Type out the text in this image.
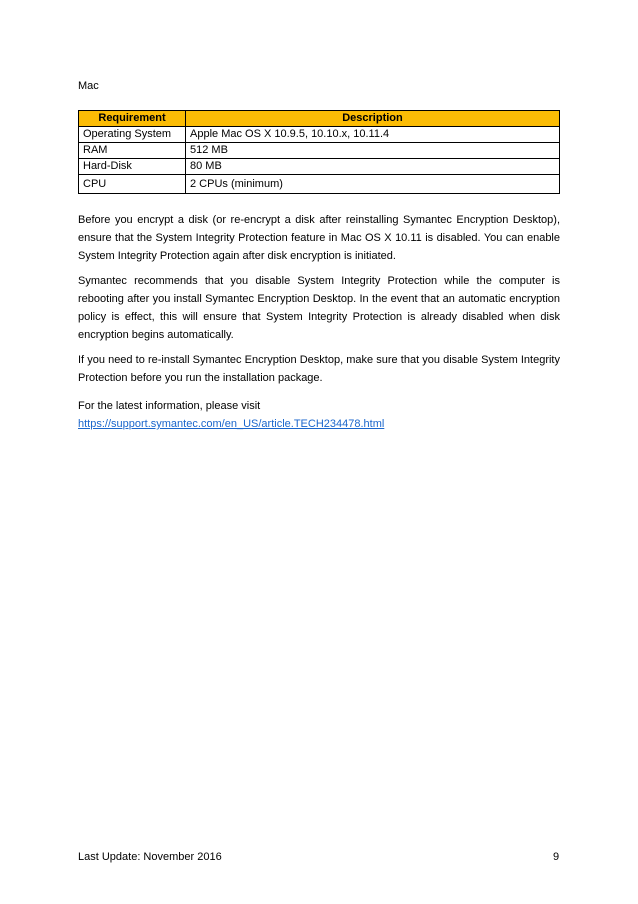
Mac
Requirement	Description
Operating System	Apple Mac OS X 10.9.5, 10.10.x, 10.11.4
RAM	512 MB
Hard-Disk	80 MB
CPU	2 CPUs (minimum)

Before you encrypt a disk (or re-encrypt a disk after reinstalling Symantec Encryption Desktop), ensure that the System Integrity Protection feature in Mac OS X 10.11 is disabled. You can enable System Integrity Protection again after disk encryption is initiated.

Symantec recommends that you disable System Integrity Protection while the computer is rebooting after you install Symantec Encryption Desktop. In the event that an automatic encryption policy is effect, this will ensure that System Integrity Protection is already disabled when disk encryption begins automatically.

If you need to re-install Symantec Encryption Desktop, make sure that you disable System Integrity Protection before you run the installation package.

For the latest information, please visit
https://support.symantec.com/en_US/article.TECH234478.html
Last Update: November 2016	9
